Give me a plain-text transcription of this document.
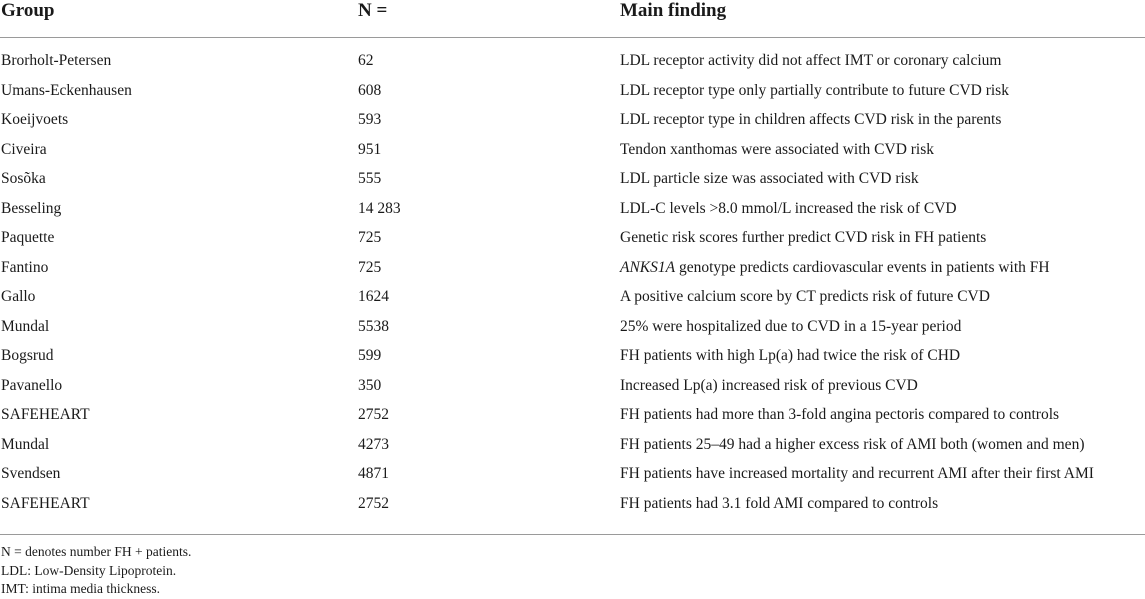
Group	N =	Main finding

Brorholt-Petersen	62	LDL receptor activity did not affect IMT or coronary calcium
Umans-Eckenhausen	608	LDL receptor type only partially contribute to future CVD risk
Koeijvoets	593	LDL receptor type in children affects CVD risk in the parents
Civeira	951	Tendon xanthomas were associated with CVD risk
Sosõka	555	LDL particle size was associated with CVD risk
Besseling	14 283	LDL-C levels >8.0 mmol/L increased the risk of CVD
Paquette	725	Genetic risk scores further predict CVD risk in FH patients
Fantino	725	ANKS1A genotype predicts cardiovascular events in patients with FH
Gallo	1624	A positive calcium score by CT predicts risk of future CVD
Mundal	5538	25% were hospitalized due to CVD in a 15-year period
Bogsrud	599	FH patients with high Lp(a) had twice the risk of CHD
Pavanello	350	Increased Lp(a) increased risk of previous CVD
SAFEHEART	2752	FH patients had more than 3-fold angina pectoris compared to controls
Mundal	4273	FH patients 25–49 had a higher excess risk of AMI both (women and men)
Svendsen	4871	FH patients have increased mortality and recurrent AMI after their first AMI
SAFEHEART	2752	FH patients had 3.1 fold AMI compared to controls
N = denotes number FH + patients.
LDL: Low-Density Lipoprotein.
IMT: intima media thickness.
